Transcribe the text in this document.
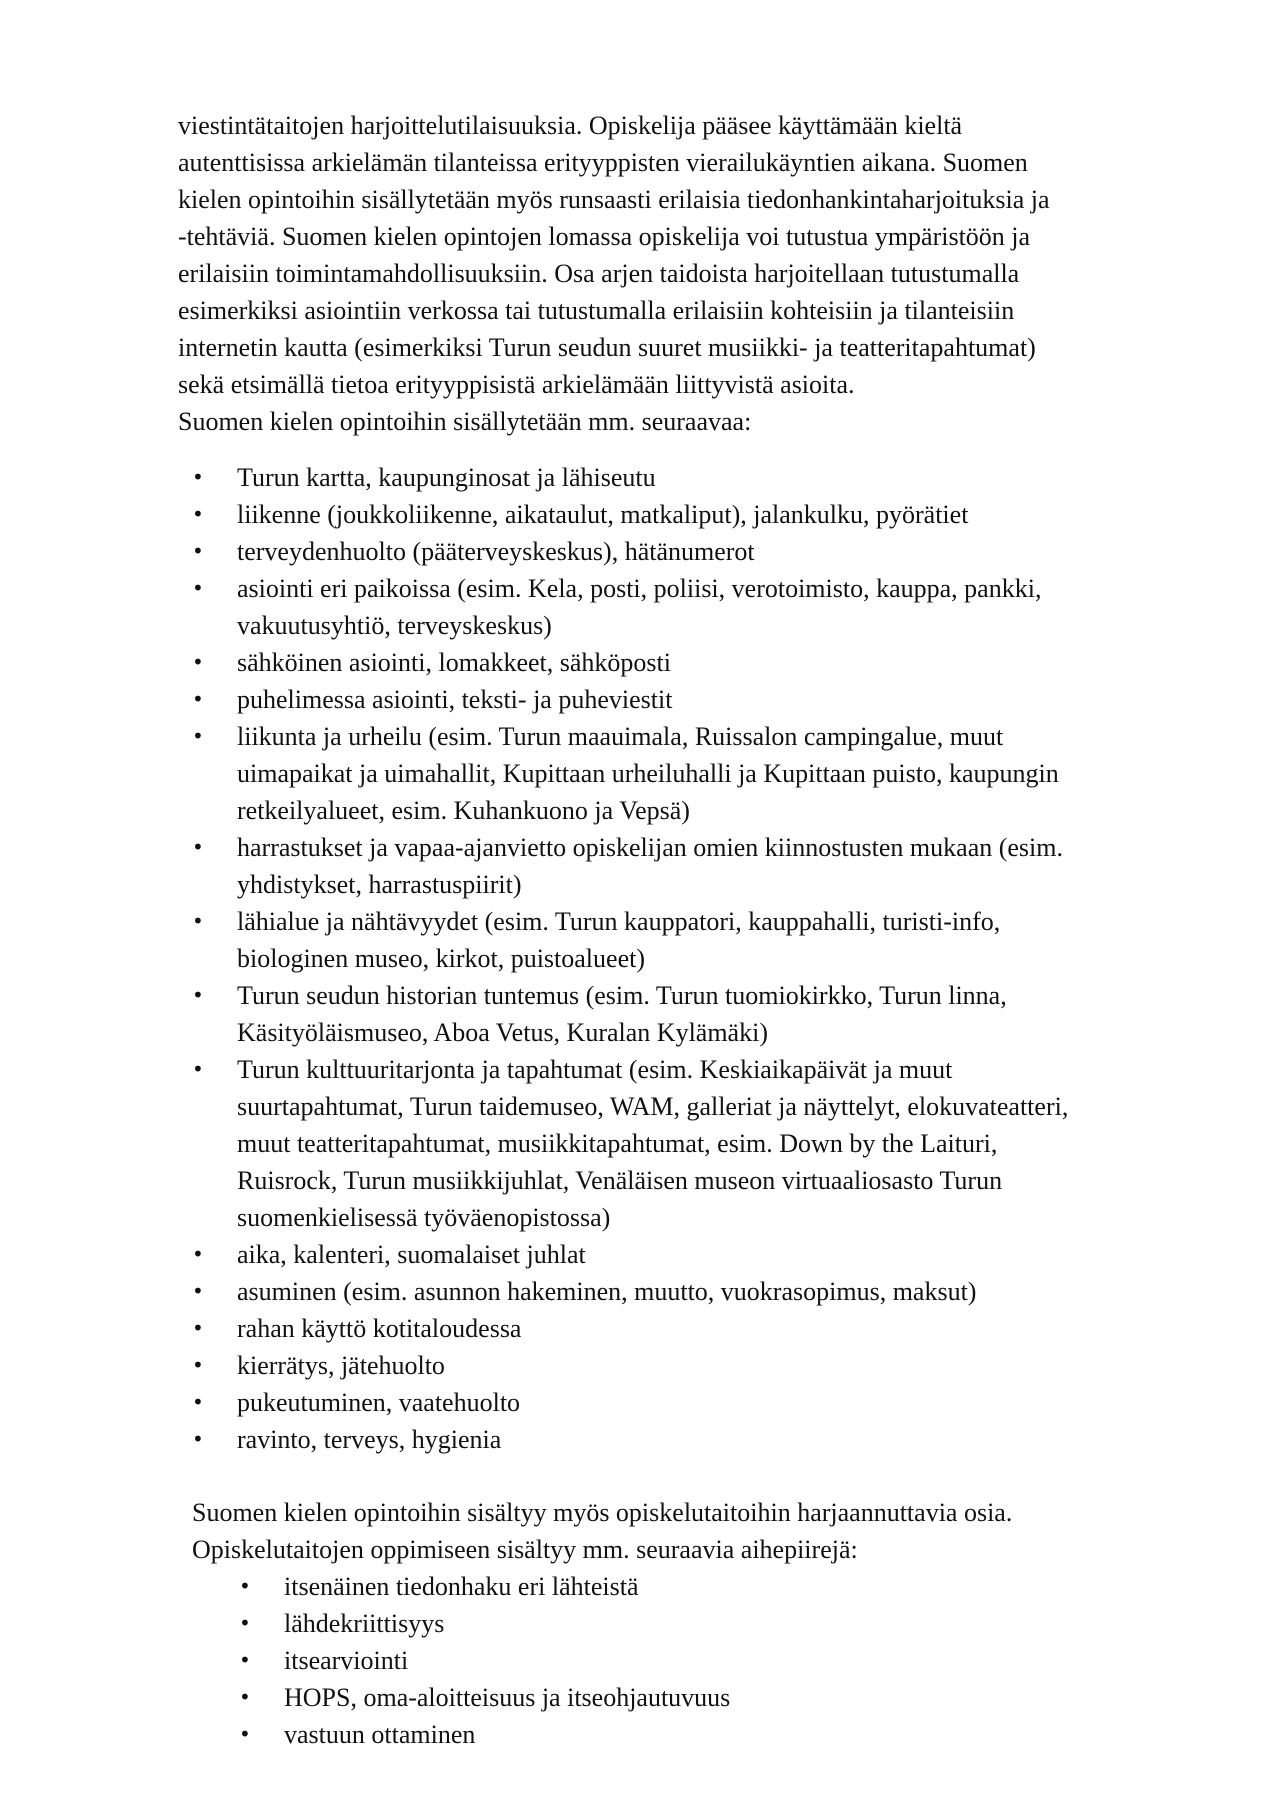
viestintätaitojen harjoittelutilaisuuksia. Opiskelija pääsee käyttämään kieltä
autenttisissa arkielämän tilanteissa erityyppisten vierailukäyntien aikana. Suomen
kielen opintoihin sisällytetään myös runsaasti erilaisia tiedonhankintaharjoituksia ja
-tehtäviä. Suomen kielen opintojen lomassa opiskelija voi tutustua ympäristöön ja
erilaisiin toimintamahdollisuuksiin. Osa arjen taidoista harjoitellaan tutustumalla
esimerkiksi asiointiin verkossa tai tutustumalla erilaisiin kohteisiin ja tilanteisiin
internetin kautta (esimerkiksi Turun seudun suuret musiikki- ja teatteritapahtumat)
sekä etsimällä tietoa erityyppisistä arkielämään liittyvistä asioita.
Suomen kielen opintoihin sisällytetään mm. seuraavaa:

• Turun kartta, kaupunginosat ja lähiseutu
• liikenne (joukkoliikenne, aikataulut, matkaliput), jalankulku, pyörätiet
• terveydenhuolto (pääterveyskeskus), hätänumerot
• asiointi eri paikoissa (esim. Kela, posti, poliisi, verotoimisto, kauppa, pankki,
vakuutusyhtiö, terveyskeskus)
• sähköinen asiointi, lomakkeet, sähköposti
• puhelimessa asiointi, teksti- ja puheviestit
• liikunta ja urheilu (esim. Turun maauimala, Ruissalon campingalue, muut
uimapaikat ja uimahallit, Kupittaan urheiluhalli ja Kupittaan puisto, kaupungin
retkeilyalueet, esim. Kuhankuono ja Vepsä)
• harrastukset ja vapaa-ajanvietto opiskelijan omien kiinnostusten mukaan (esim.
yhdistykset, harrastuspiirit)
• lähialue ja nähtävyydet (esim. Turun kauppatori, kauppahalli, turisti-info,
biologinen museo, kirkot, puistoalueet)
• Turun seudun historian tuntemus (esim. Turun tuomiokirkko, Turun linna,
Käsityöläismuseo, Aboa Vetus, Kuralan Kylämäki)
• Turun kulttuuritarjonta ja tapahtumat (esim. Keskiaikapäivät ja muut
suurtapahtumat, Turun taidemuseo, WAM, galleriat ja näyttelyt, elokuvateatteri,
muut teatteritapahtumat, musiikkitapahtumat, esim. Down by the Laituri,
Ruisrock, Turun musiikkijuhlat, Venäläisen museon virtuaaliosasto Turun
suomenkielisessä työväenopistossa)
• aika, kalenteri, suomalaiset juhlat
• asuminen (esim. asunnon hakeminen, muutto, vuokrasopimus, maksut)
• rahan käyttö kotitaloudessa
• kierrätys, jätehuolto
• pukeutuminen, vaatehuolto
• ravinto, terveys, hygienia

Suomen kielen opintoihin sisältyy myös opiskelutaitoihin harjaannuttavia osia.
Opiskelutaitojen oppimiseen sisältyy mm. seuraavia aihepiirejä:

• itsenäinen tiedonhaku eri lähteistä
• lähdekriittisyys
• itsearviointi
• HOPS, oma-aloitteisuus ja itseohjautuvuus
• vastuun ottaminen
